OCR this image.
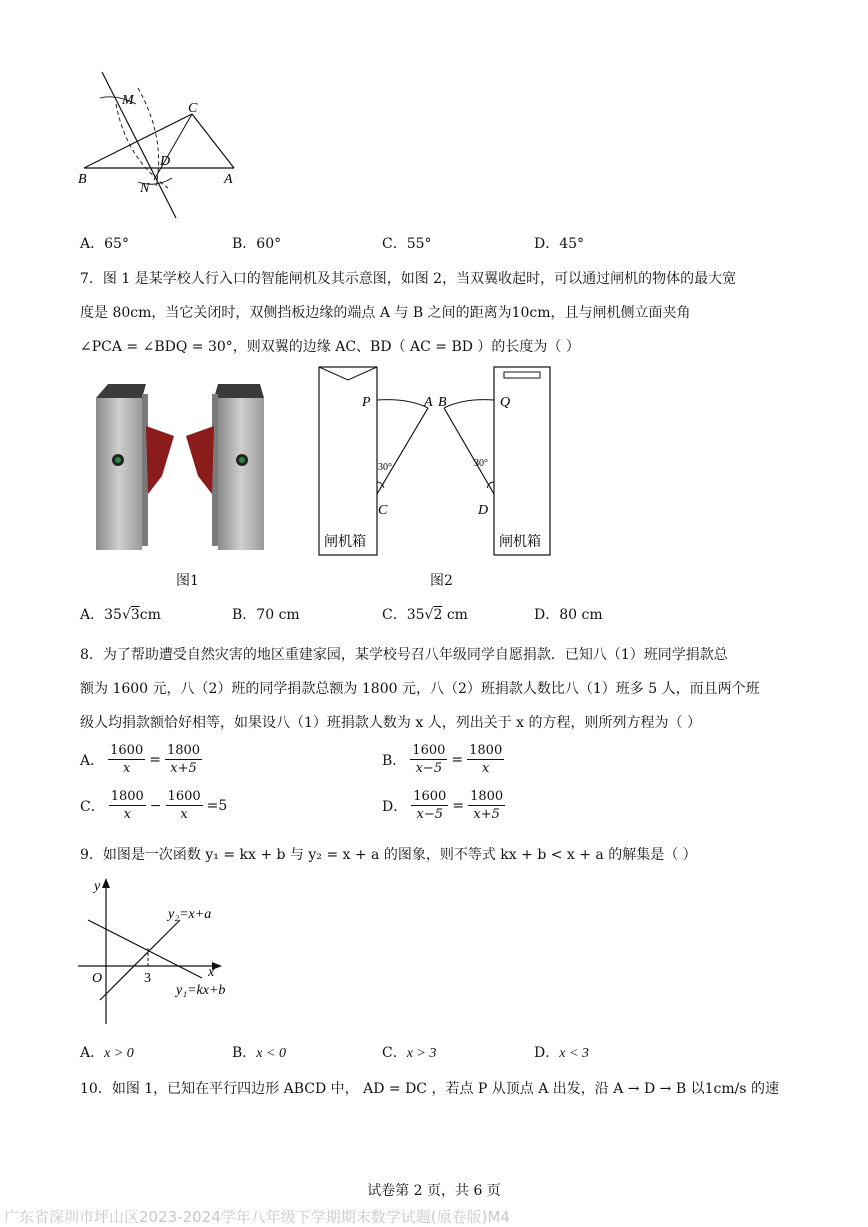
M
C
D
B	A
N
A．65°	B．60°	C．55°	D．45°
7．图 1 是某学校人行入口的智能闸机及其示意图，如图 2，当双翼收起时，可以通过闸机的物体的最大宽
度是 80cm，当它关闭时，双侧挡板边缘的端点 A 与 B 之间的距离为10cm，且与闸机侧立面夹角
∠PCA = ∠BDQ = 30°，则双翼的边缘 AC、BD（ AC = BD ）的长度为（ ）
图1
P	A B	Q
30°	30°
C	D
闸机箱	闸机箱
图2
A．35√3cm	B．70 cm	C．35√2 cm	D．80 cm
8．为了帮助遭受自然灾害的地区重建家园，某学校号召八年级同学自愿捐款．已知八（1）班同学捐款总
额为 1600 元，八（2）班的同学捐款总额为 1800 元，八（2）班捐款人数比八（1）班多 5 人，而且两个班
级人均捐款额恰好相等，如果设八（1）班捐款人数为 x 人，列出关于 x 的方程，则所列方程为（ ）
A． $\frac{1600}{x} = \frac{1800}{x+5}$	B． $\frac{1600}{x-5} = \frac{1800}{x}$
C． $\frac{1800}{x} - \frac{1600}{x} =5$	D． $\frac{1600}{x-5} = \frac{1800}{x+5}$
9．如图是一次函数 y₁ = kx + b 与 y₂ = x + a 的图象，则不等式 kx + b < x + a 的解集是（ ）
y
x
O	3
y₂=x+a
y₁=kx+b
A．x > 0	B．x < 0	C．x > 3	D．x < 3
10．如图 1，已知在平行四边形 ABCD 中， AD = DC ，若点 P 从顶点 A 出发，沿 A → D → B 以1cm/s 的速
试卷第 2 页，共 6 页
广东省深圳市坪山区2023-2024学年八年级下学期期末数学试题(原卷版)M4
